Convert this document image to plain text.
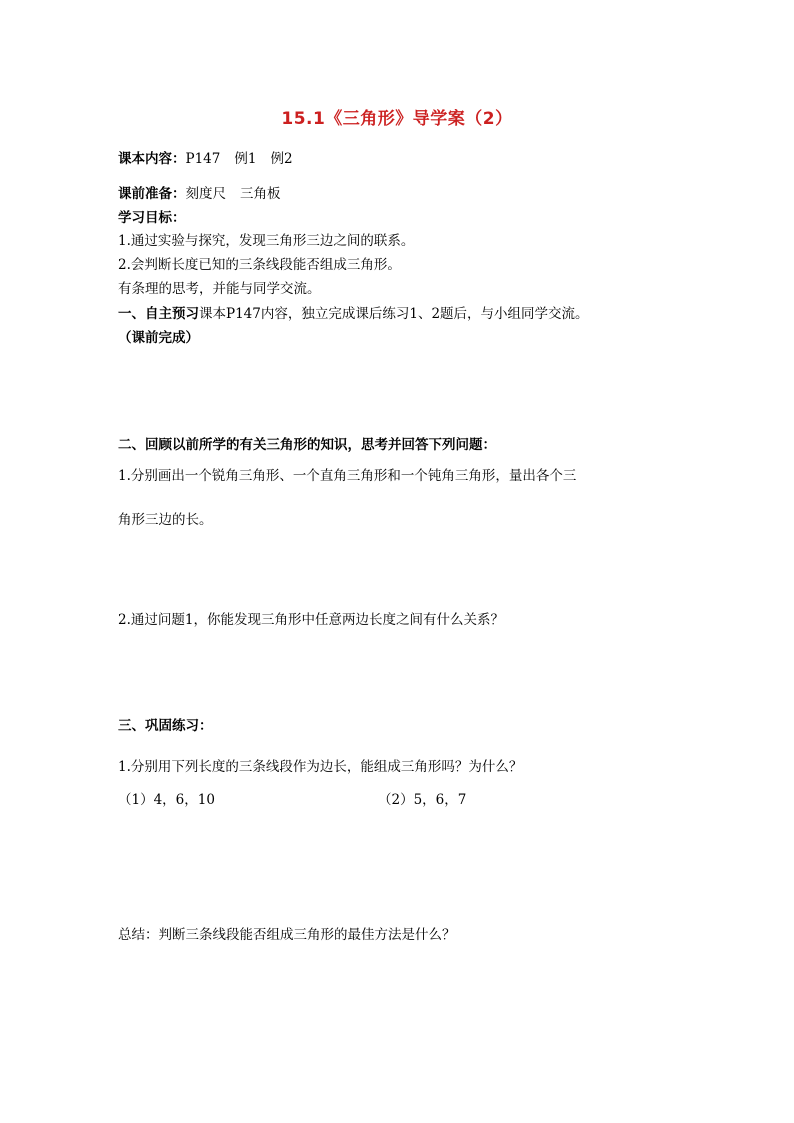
15.1《三角形》导学案（2）
课本内容：P147 例1 例2
课前准备：刻度尺 三角板
学习目标：
1.通过实验与探究，发现三角形三边之间的联系。
2.会判断长度已知的三条线段能否组成三角形。
有条理的思考，并能与同学交流。
一、自主预习课本P147内容，独立完成课后练习1、2题后，与小组同学交流。
（课前完成）
二、回顾以前所学的有关三角形的知识，思考并回答下列问题：
1.分别画出一个锐角三角形、一个直角三角形和一个钝角三角形，量出各个三
角形三边的长。
2.通过问题1，你能发现三角形中任意两边长度之间有什么关系？
三、巩固练习：
1.分别用下列长度的三条线段作为边长，能组成三角形吗？为什么？
（1）4，6，10	（2）5，6，7
总结：判断三条线段能否组成三角形的最佳方法是什么？
